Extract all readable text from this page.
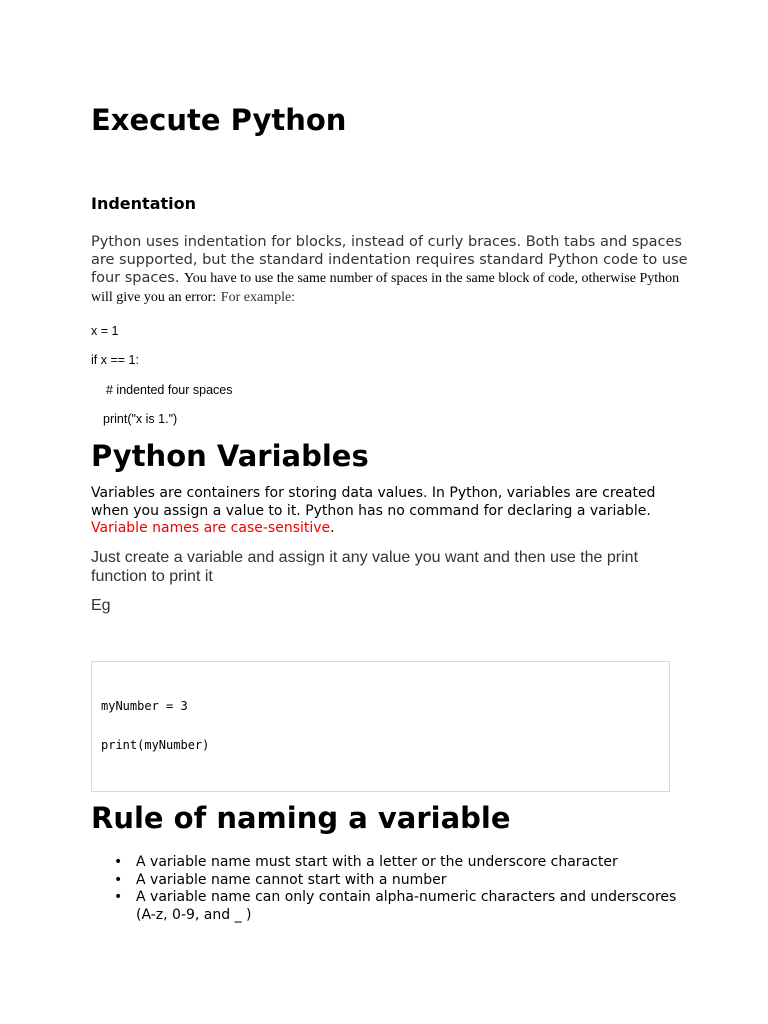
Execute Python
Indentation

Python uses indentation for blocks, instead of curly braces. Both tabs and spaces are supported, but the standard indentation requires standard Python code to use four spaces. You have to use the same number of spaces in the same block of code, otherwise Python will give you an error: For example:

x = 1

if x == 1:

# indented four spaces

print("x is 1.")

Python Variables

Variables are containers for storing data values. In Python, variables are created when you assign a value to it. Python has no command for declaring a variable. Variable names are case-sensitive.

Just create a variable and assign it any value you want and then use the print function to print it

Eg

myNumber = 3

print(myNumber)

Rule of naming a variable
• A variable name must start with a letter or the underscore character
• A variable name cannot start with a number
• A variable name can only contain alpha-numeric characters and underscores (A-z, 0-9, and _ )
